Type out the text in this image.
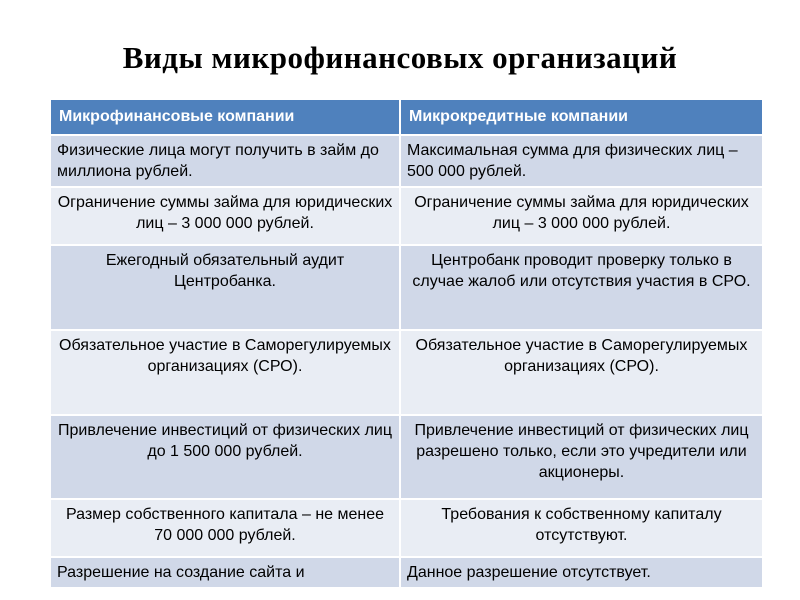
Виды микрофинансовых организаций
Микрофинансовые компании	Микрокредитные компании
Физические лица могут получить в займ до миллиона рублей.	Максимальная сумма для физических лиц – 500 000 рублей.
Ограничение суммы займа для юридических лиц – 3 000 000 рублей.	Ограничение суммы займа для юридических лиц – 3 000 000 рублей.
Ежегодный обязательный аудит Центробанка.	Центробанк проводит проверку только в случае жалоб или отсутствия участия в СРО.
Обязательное участие в Саморегулируемых организациях (СРО).	Обязательное участие в Саморегулируемых организациях (СРО).
Привлечение инвестиций от физических лиц до 1 500 000 рублей.	Привлечение инвестиций от физических лиц разрешено только, если это учредители или акционеры.
Размер собственного капитала – не менее 70 000 000 рублей.	Требования к собственному капиталу отсутствуют.
Разрешение на создание сайта и	Данное разрешение отсутствует.
